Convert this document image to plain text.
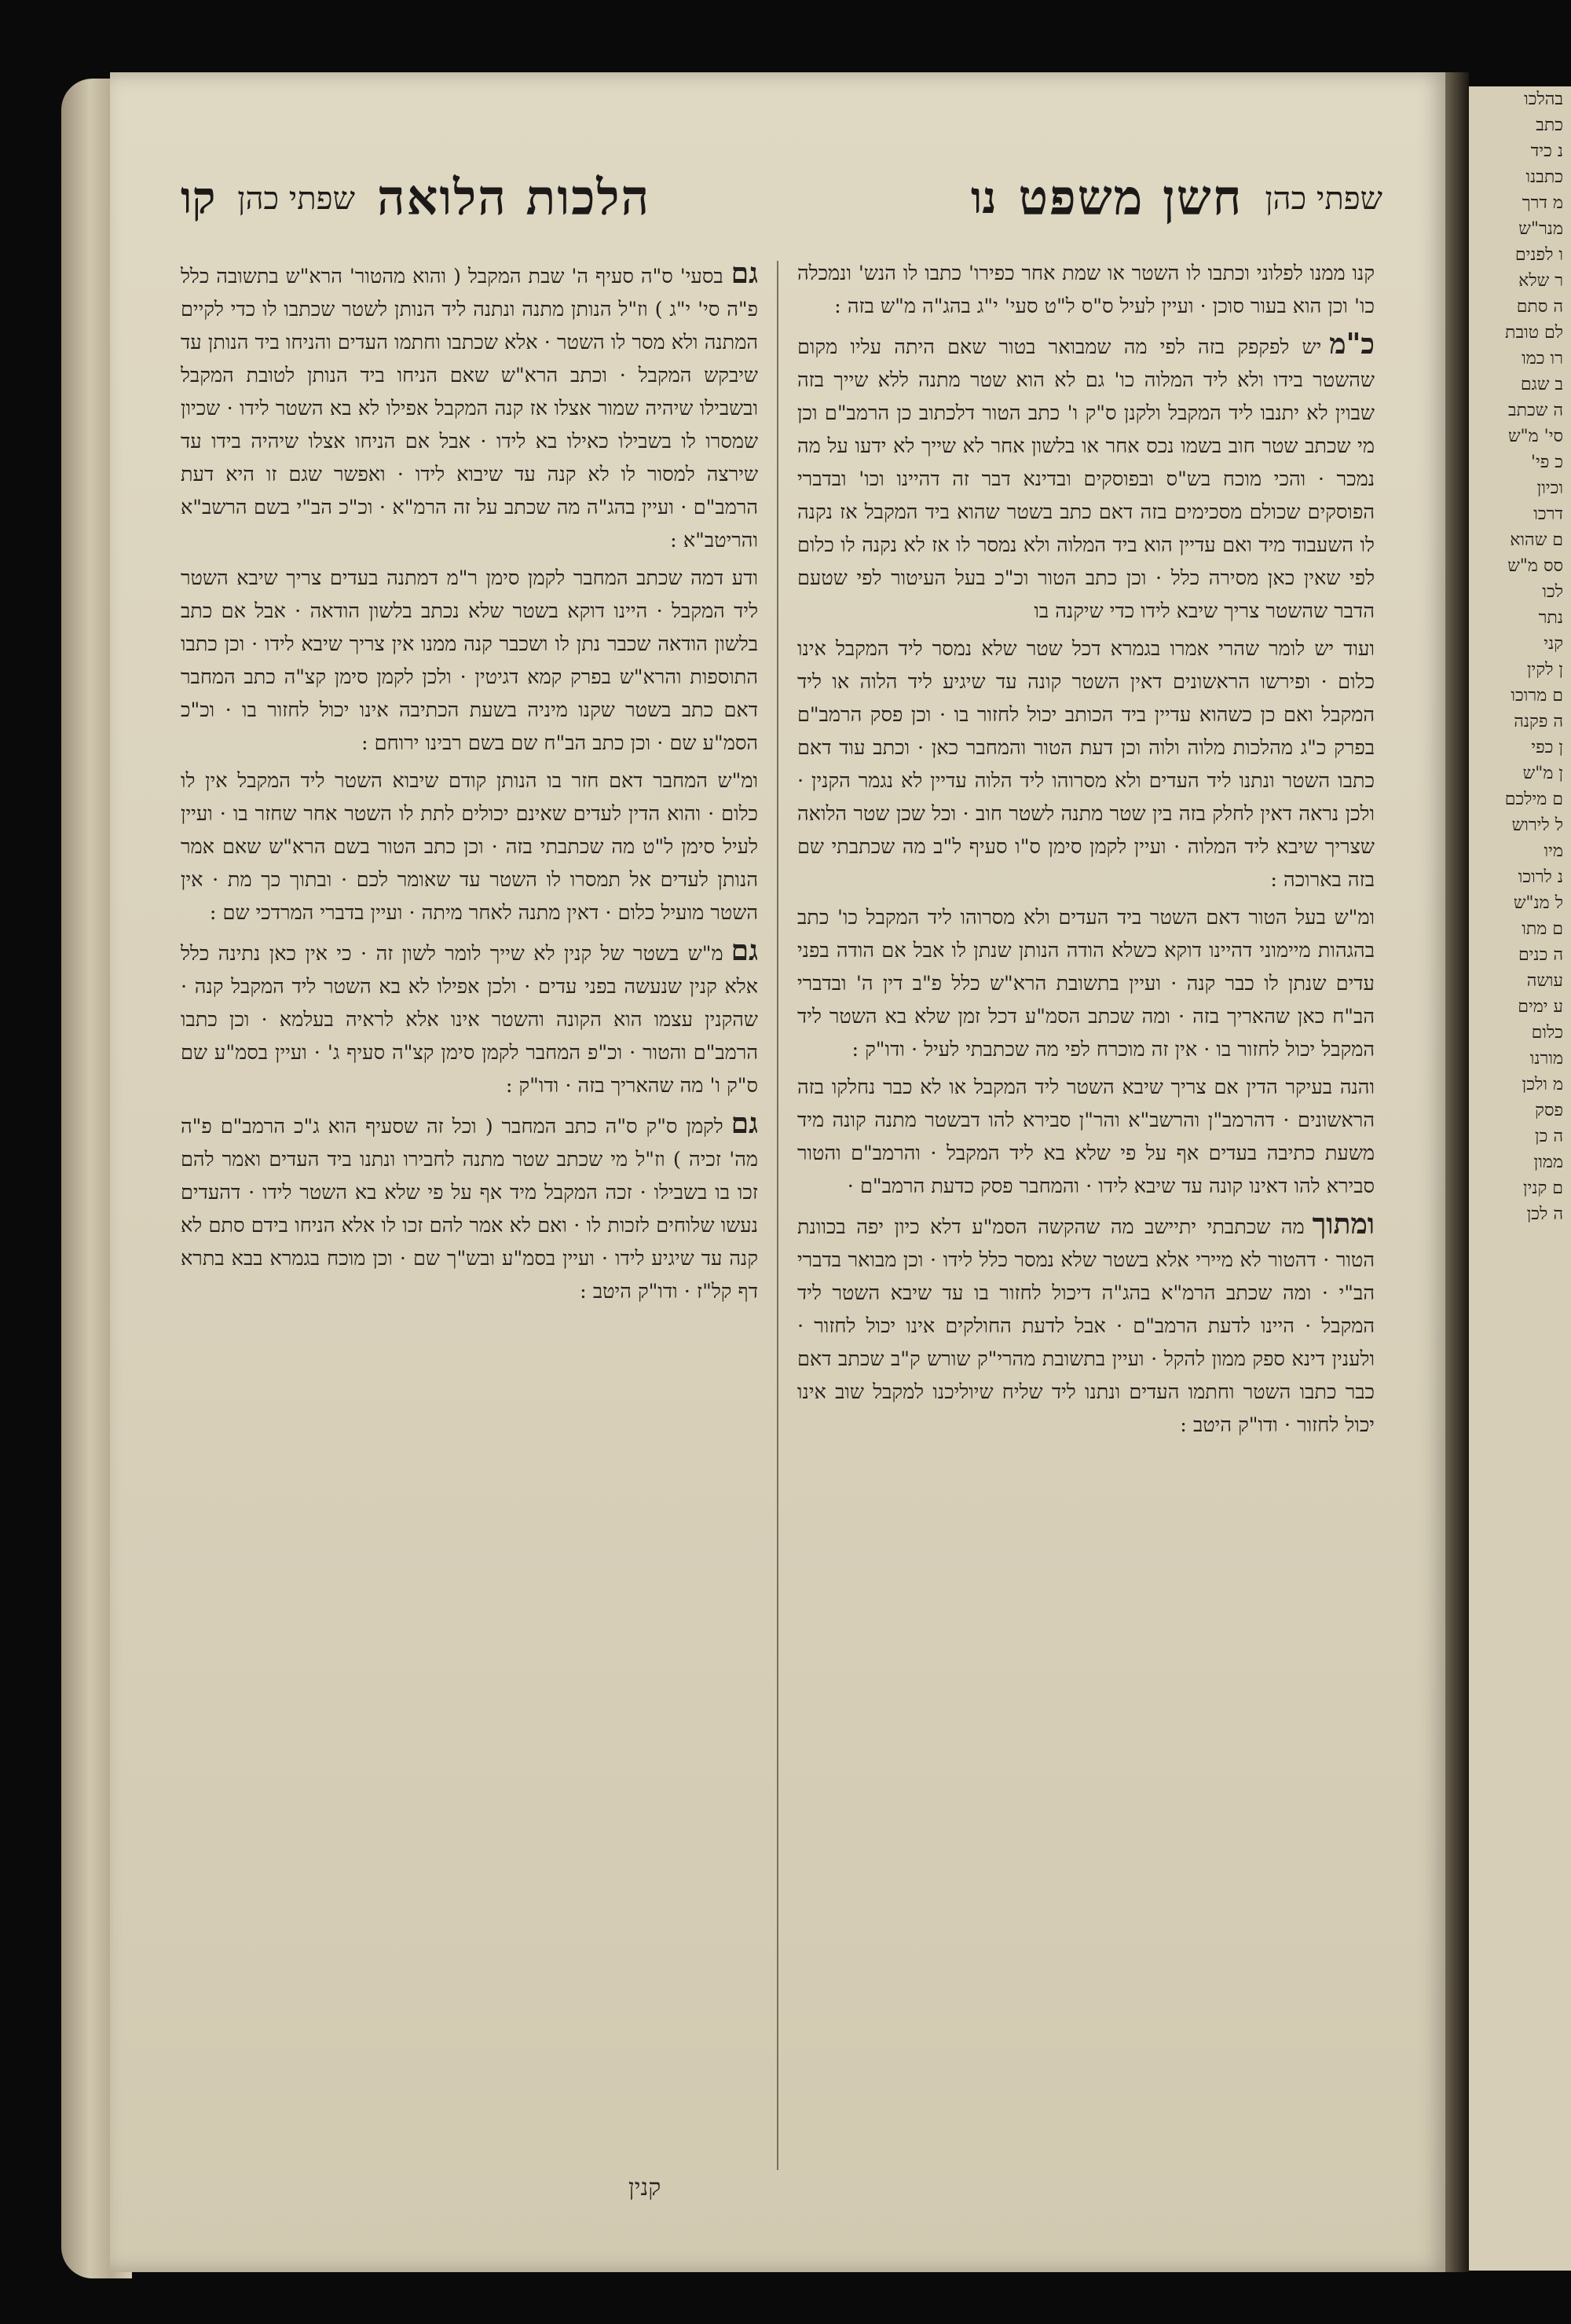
שפתי כהן
חשן משפט
נו
הלכות הלואה
שפתי כהן
קו

קנו ממנו לפלוני וכתבו לו השטר או שמת אחר כפירו' כתבו לו הנש' ונמכלה כו' וכן הוא בעור סוכן · ועיין לעיל ס"ס ל"ט סעי' י"ג בהג"ה מ"ש בזה :

כ"מיש לפקפק בזה לפי מה שמבואר בטור שאם היתה עליו מקום שהשטר בידו ולא ליד המלוה כו' גם לא הוא שטר מתנה ללא שייך בזה שבוין לא יתנבו ליד המקבל ולקנן ס"ק ו' כתב הטור דלכתוב כן הרמב"ם וכן מי שכתב שטר חוב בשמו נכס אחר או בלשון אחר לא שייך לא ידעו על מה נמכר · והכי מוכח בש"ס ובפוסקים ובדינא דבר זה דהיינו וכו' ובדברי הפוסקים שכולם מסכימים בזה דאם כתב בשטר שהוא ביד המקבל אז נקנה לו השעבוד מיד ואם עדיין הוא ביד המלוה ולא נמסר לו אז לא נקנה לו כלום לפי שאין כאן מסירה כלל · וכן כתב הטור וכ"כ בעל העיטור לפי שטעם הדבר שהשטר צריך שיבא לידו כדי שיקנה בו

ועוד יש לומר שהרי אמרו בגמרא דכל שטר שלא נמסר ליד המקבל אינו כלום · ופירשו הראשונים דאין השטר קונה עד שיגיע ליד הלוה או ליד המקבל ואם כן כשהוא עדיין ביד הכותב יכול לחזור בו · וכן פסק הרמב"ם בפרק כ"ג מהלכות מלוה ולוה וכן דעת הטור והמחבר כאן · וכתב עוד דאם כתבו השטר ונתנו ליד העדים ולא מסרוהו ליד הלוה עדיין לא נגמר הקנין · ולכן נראה דאין לחלק בזה בין שטר מתנה לשטר חוב · וכל שכן שטר הלואה שצריך שיבא ליד המלוה · ועיין לקמן סימן ס"ו סעיף ל"ב מה שכתבתי שם בזה בארוכה :

ומ"ש בעל הטור דאם השטר ביד העדים ולא מסרוהו ליד המקבל כו' כתב בהגהות מיימוני דהיינו דוקא כשלא הודה הנותן שנתן לו אבל אם הודה בפני עדים שנתן לו כבר קנה · ועיין בתשובת הרא"ש כלל פ"ב דין ה' ובדברי הב"ח כאן שהאריך בזה · ומה שכתב הסמ"ע דכל זמן שלא בא השטר ליד המקבל יכול לחזור בו · אין זה מוכרח לפי מה שכתבתי לעיל · ודו"ק :

והנה בעיקר הדין אם צריך שיבא השטר ליד המקבל או לא כבר נחלקו בזה הראשונים · דהרמב"ן והרשב"א והר"ן סבירא להו דבשטר מתנה קונה מיד משעת כתיבה בעדים אף על פי שלא בא ליד המקבל · והרמב"ם והטור סבירא להו דאינו קונה עד שיבא לידו · והמחבר פסק כדעת הרמב"ם ·

ומתוךמה שכתבתי יתיישב מה שהקשה הסמ"ע דלא כיון יפה בכוונת הטור · דהטור לא מיירי אלא בשטר שלא נמסר כלל לידו · וכן מבואר בדברי הב"י · ומה שכתב הרמ"א בהג"ה דיכול לחזור בו עד שיבא השטר ליד המקבל · היינו לדעת הרמב"ם · אבל לדעת החולקים אינו יכול לחזור · ולענין דינא ספק ממון להקל · ועיין בתשובת מהרי"ק שורש ק"ב שכתב דאם כבר כתבו השטר וחתמו העדים ונתנו ליד שליח שיוליכנו למקבל שוב אינו יכול לחזור · ודו"ק היטב :

גםבסעי' ס"ה סעיף ה' שבת המקבל ( והוא מהטור' הרא"ש בתשובה כלל פ"ה סי' י"ג ) וז"ל הנותן מתנה ונתנה ליד הנותן לשטר שכתבו לו כדי לקיים המתנה ולא מסר לו השטר · אלא שכתבו וחתמו העדים והניחו ביד הנותן עד שיבקש המקבל · וכתב הרא"ש שאם הניחו ביד הנותן לטובת המקבל ובשבילו שיהיה שמור אצלו אז קנה המקבל אפילו לא בא השטר לידו · שכיון שמסרו לו בשבילו כאילו בא לידו · אבל אם הניחו אצלו שיהיה בידו עד שירצה למסור לו לא קנה עד שיבוא לידו · ואפשר שגם זו היא דעת הרמב"ם · ועיין בהג"ה מה שכתב על זה הרמ"א · וכ"כ הב"י בשם הרשב"א והריטב"א :

ודע דמה שכתב המחבר לקמן סימן ר"מ דמתנה בעדים צריך שיבא השטר ליד המקבל · היינו דוקא בשטר שלא נכתב בלשון הודאה · אבל אם כתב בלשון הודאה שכבר נתן לו ושכבר קנה ממנו אין צריך שיבא לידו · וכן כתבו התוספות והרא"ש בפרק קמא דגיטין · ולכן לקמן סימן קצ"ה כתב המחבר דאם כתב בשטר שקנו מיניה בשעת הכתיבה אינו יכול לחזור בו · וכ"כ הסמ"ע שם · וכן כתב הב"ח שם בשם רבינו ירוחם :

ומ"ש המחבר דאם חזר בו הנותן קודם שיבוא השטר ליד המקבל אין לו כלום · והוא הדין לעדים שאינם יכולים לתת לו השטר אחר שחזר בו · ועיין לעיל סימן ל"ט מה שכתבתי בזה · וכן כתב הטור בשם הרא"ש שאם אמר הנותן לעדים אל תמסרו לו השטר עד שאומר לכם · ובתוך כך מת · אין השטר מועיל כלום · דאין מתנה לאחר מיתה · ועיין בדברי המרדכי שם :

גםמ"ש בשטר של קנין לא שייך לומר לשון זה · כי אין כאן נתינה כלל אלא קנין שנעשה בפני עדים · ולכן אפילו לא בא השטר ליד המקבל קנה · שהקנין עצמו הוא הקונה והשטר אינו אלא לראיה בעלמא · וכן כתבו הרמב"ם והטור · וכ"פ המחבר לקמן סימן קצ"ה סעיף ג' · ועיין בסמ"ע שם ס"ק ו' מה שהאריך בזה · ודו"ק :

גםלקמן ס"ק ס"ה כתב המחבר ( וכל זה שסעיף הוא ג"כ הרמב"ם פ"ה מה' זכיה ) וז"ל מי שכתב שטר מתנה לחבירו ונתנו ביד העדים ואמר להם זכו בו בשבילו · זכה המקבל מיד אף על פי שלא בא השטר לידו · דהעדים נעשו שלוחים לזכות לו · ואם לא אמר להם זכו לו אלא הניחו בידם סתם לא קנה עד שיגיע לידו · ועיין בסמ"ע ובש"ך שם · וכן מוכח בגמרא בבא בתרא דף קל"ז · ודו"ק היטב :

קנין
בהלכו
כתב
נ כיד
כתבנו
מ דרך
מנר"ש
ו לפנים
ר שלא
ה סתם
לם טובת
רו כמו
ב שגם
ה שכתב
סי' מ"ש
כ פי'
וכיון
דרכו
ם שהוא
סס מ"ש
לכו
נתר
קני
ן לקין
ם מרוכו
ה פקנה
ן כפי
ן מ"ש
ם מילכם
ל לירוש
מיו
נ לרוכו
ל מנ"ש
ם מתו
ה כנים
עושה
ע ימים
כלום
מורנו
מ ולכן
פסק
ה כן
ממון
ם קנין
ה לכן
